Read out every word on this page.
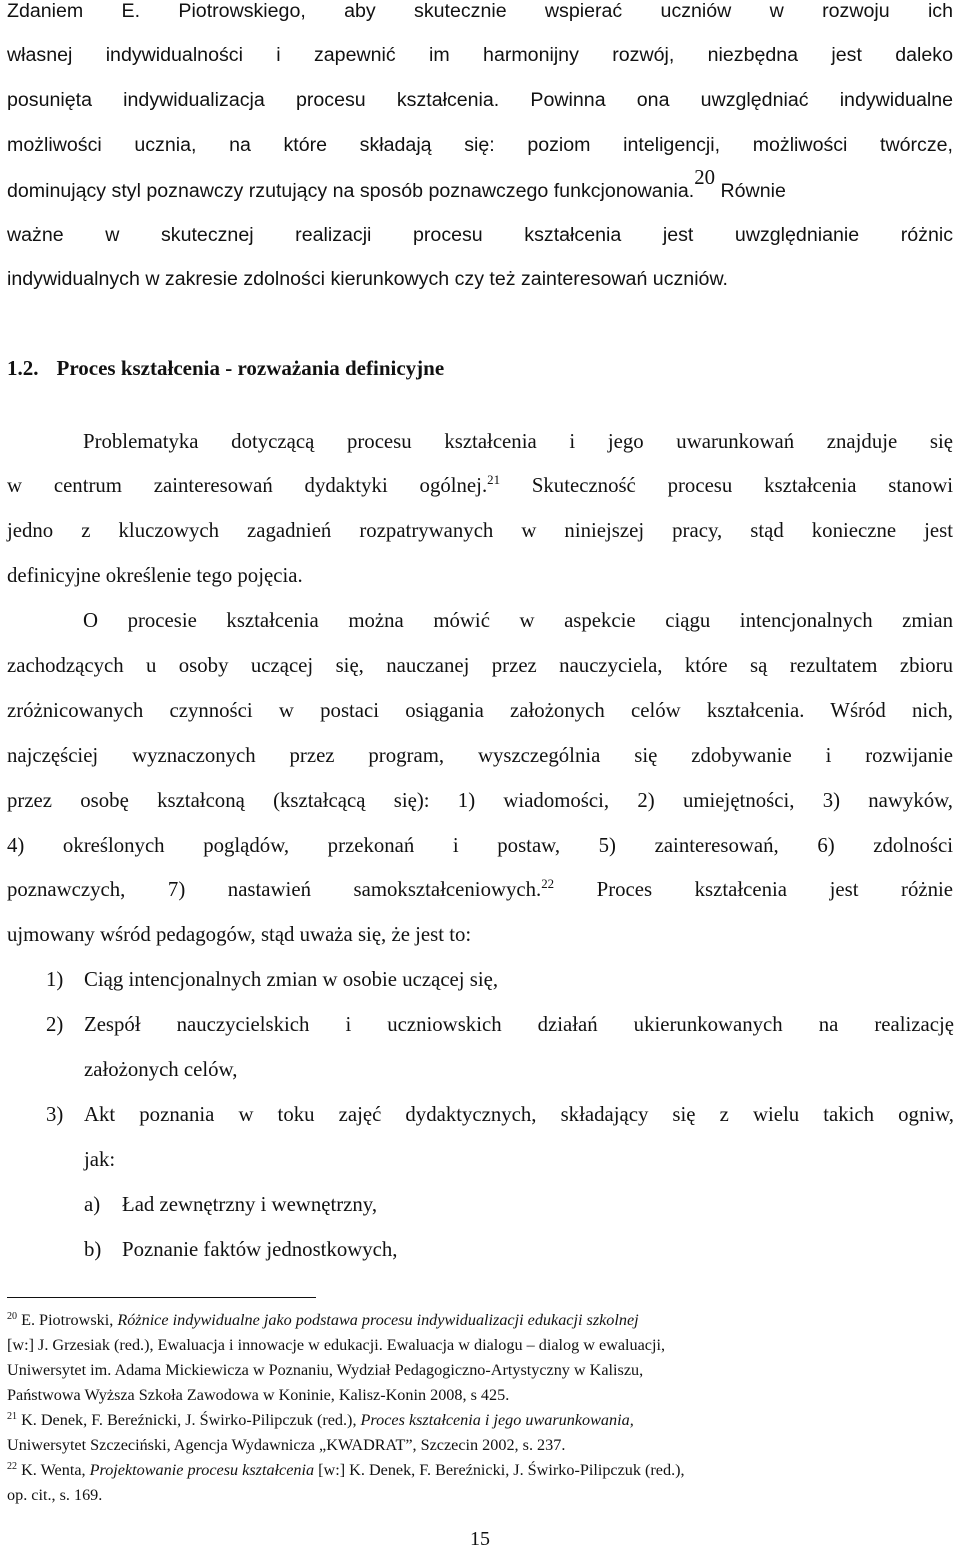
Zdaniem E. Piotrowskiego, aby skutecznie wspierać uczniów w rozwoju ich
własnej indywidualności i zapewnić im harmonijny rozwój, niezbędna jest daleko
posunięta indywidualizacja procesu kształcenia. Powinna ona uwzględniać indywidualne
możliwości ucznia, na które składają się: poziom inteligencji, możliwości twórcze,
dominujący styl poznawczy rzutujący na sposób poznawczego funkcjonowania.$^{20}$ Równie
ważne w skutecznej realizacji procesu kształcenia jest uwzględnianie różnic
indywidualnych w zakresie zdolności kierunkowych czy też zainteresowań uczniów.
1.2. Proces kształcenia - rozważania definicyjne
Problematyka dotyczącą procesu kształcenia i jego uwarunkowań znajduje się
w centrum zainteresowań dydaktyki ogólnej.$^{21}$ Skuteczność procesu kształcenia stanowi
jedno z kluczowych zagadnień rozpatrywanych w niniejszej pracy, stąd konieczne jest
definicyjne określenie tego pojęcia.
O procesie kształcenia można mówić w aspekcie ciągu intencjonalnych zmian
zachodzących u osoby uczącej się, nauczanej przez nauczyciela, które są rezultatem zbioru
zróżnicowanych czynności w postaci osiągania założonych celów kształcenia. Wśród nich,
najczęściej wyznaczonych przez program, wyszczególnia się zdobywanie i rozwijanie
przez osobę kształconą (kształcącą się): 1) wiadomości, 2) umiejętności, 3) nawyków,
4) określonych poglądów, przekonań i postaw, 5) zainteresowań, 6) zdolności
poznawczych, 7) nastawień samokształceniowych.$^{22}$ Proces kształcenia jest różnie
ujmowany wśród pedagogów, stąd uważa się, że jest to:
1) Ciąg intencjonalnych zmian w osobie uczącej się,
2) Zespół nauczycielskich i uczniowskich działań ukierunkowanych na realizację
założonych celów,
3) Akt poznania w toku zajęć dydaktycznych, składający się z wielu takich ogniw,
jak:
a) Ład zewnętrzny i wewnętrzny,
b) Poznanie faktów jednostkowych,
$^{20}$ E. Piotrowski, Różnice indywidualne jako podstawa procesu indywidualizacji edukacji szkolnej
[w:] J. Grzesiak (red.), Ewaluacja i innowacje w edukacji. Ewaluacja w dialogu – dialog w ewaluacji,
Uniwersytet im. Adama Mickiewicza w Poznaniu, Wydział Pedagogiczno-Artystyczny w Kaliszu,
Państwowa Wyższa Szkoła Zawodowa w Koninie, Kalisz-Konin 2008, s 425.
$^{21}$ K. Denek, F. Bereźnicki, J. Świrko-Pilipczuk (red.), Proces kształcenia i jego uwarunkowania,
Uniwersytet Szczeciński, Agencja Wydawnicza „KWADRAT”, Szczecin 2002, s. 237.
$^{22}$ K. Wenta, Projektowanie procesu kształcenia [w:] K. Denek, F. Bereźnicki, J. Świrko-Pilipczuk (red.),
op. cit., s. 169.
15
